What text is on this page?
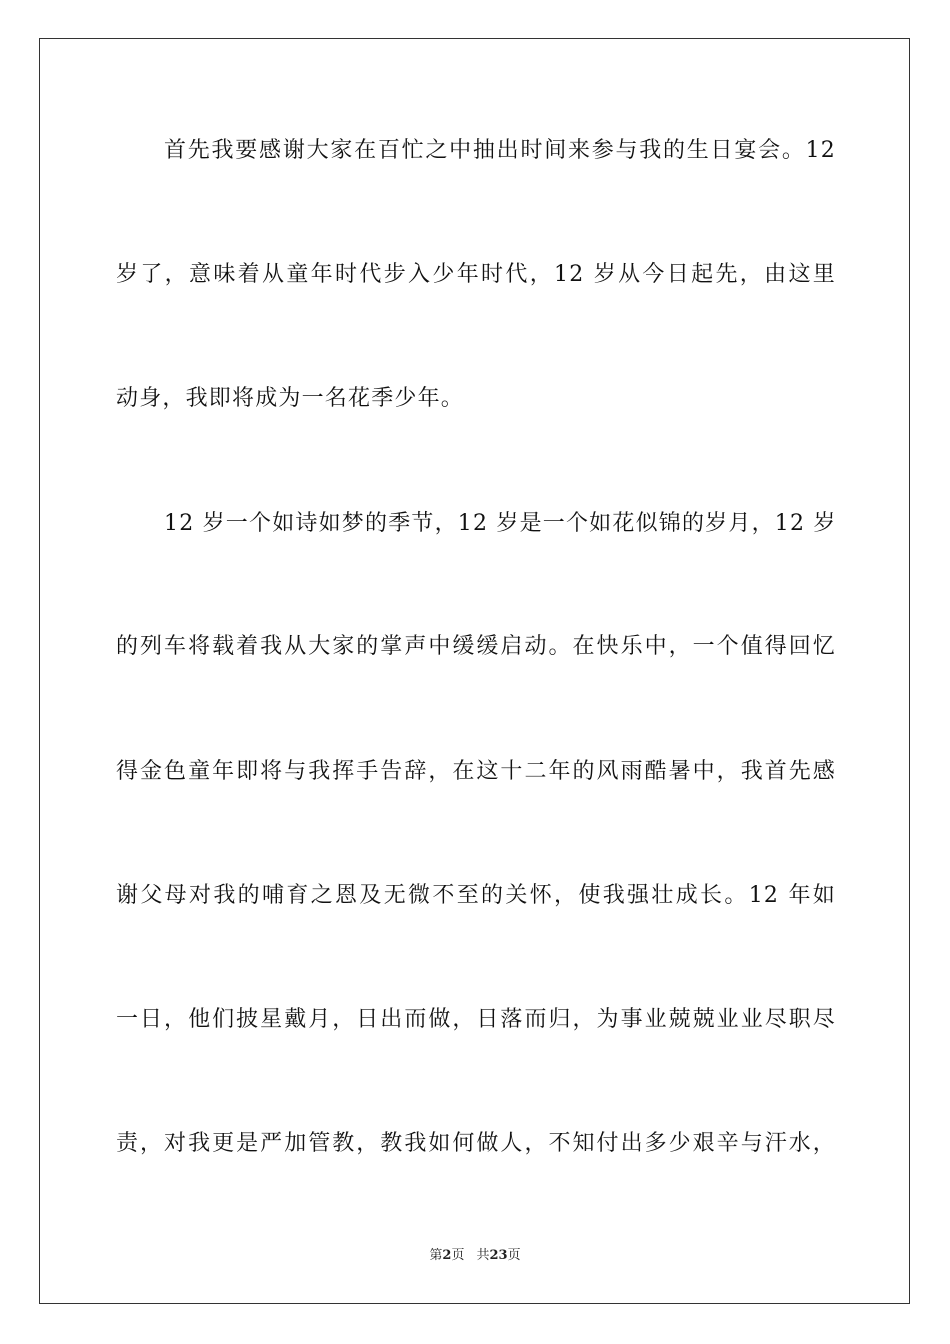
首先我要感谢大家在百忙之中抽出时间来参与我的生日宴会。12
岁了，意味着从童年时代步入少年时代，12 岁从今日起先，由这里
动身，我即将成为一名花季少年。
12 岁一个如诗如梦的季节，12 岁是一个如花似锦的岁月，12 岁
的列车将载着我从大家的掌声中缓缓启动。在快乐中，一个值得回忆
得金色童年即将与我挥手告辞，在这十二年的风雨酷暑中，我首先感
谢父母对我的哺育之恩及无微不至的关怀，使我强壮成长。12 年如
一日，他们披星戴月，日出而做，日落而归，为事业兢兢业业尽职尽
责，对我更是严加管教，教我如何做人，不知付出多少艰辛与汗水，
第2页 共23页
